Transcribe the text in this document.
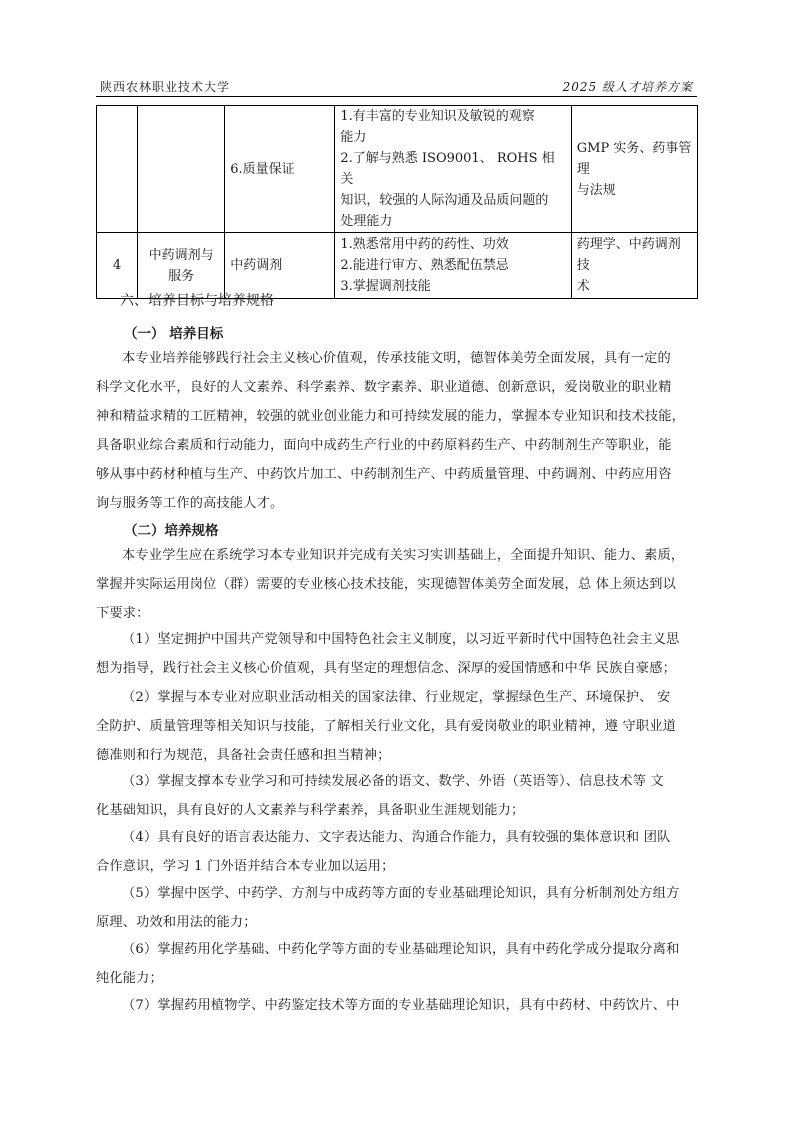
陕西农林职业技术大学	2025 级人才培养方案
		6.质量保证	1.有丰富的专业知识及敏锐的观察
能力
2.了解与熟悉 ISO9001、 ROHS 相关
知识，较强的人际沟通及品质问题的
处理能力	GMP 实务、药事管理
与法规

4	中药调剂与
服务	中药调剂	1.熟悉常用中药的药性、功效
2.能进行审方、熟悉配伍禁忌
3.掌握调剂技能	药理学、中药调剂技
术
六、培养目标与培养规格
（一） 培养目标
本专业培养能够践行社会主义核心价值观，传承技能文明，德智体美劳全面发展，具有一定的
科学文化水平，良好的人文素养、科学素养、数字素养、职业道德、创新意识，爱岗敬业的职业精
神和精益求精的工匠精神，较强的就业创业能力和可持续发展的能力，掌握本专业知识和技术技能，
具备职业综合素质和行动能力，面向中成药生产行业的中药原料药生产、中药制剂生产等职业，能
够从事中药材种植与生产、中药饮片加工、中药制剂生产、中药质量管理、中药调剂、中药应用咨
询与服务等工作的高技能人才。
（二）培养规格
本专业学生应在系统学习本专业知识并完成有关实习实训基础上，全面提升知识、能力、素质，
掌握并实际运用岗位（群）需要的专业核心技术技能，实现德智体美劳全面发展，总 体上须达到以
下要求：
（1）坚定拥护中国共产党领导和中国特色社会主义制度，以习近平新时代中国特色社会主义思
想为指导，践行社会主义核心价值观，具有坚定的理想信念、深厚的爱国情感和中华 民族自豪感；
（2）掌握与本专业对应职业活动相关的国家法律、行业规定，掌握绿色生产、环境保护、 安
全防护、质量管理等相关知识与技能，了解相关行业文化，具有爱岗敬业的职业精神，遵 守职业道
德准则和行为规范，具备社会责任感和担当精神；
（3）掌握支撑本专业学习和可持续发展必备的语文、数学、外语（英语等）、信息技术等 文
化基础知识，具有良好的人文素养与科学素养，具备职业生涯规划能力；
（4）具有良好的语言表达能力、文字表达能力、沟通合作能力，具有较强的集体意识和 团队
合作意识，学习 1 门外语并结合本专业加以运用；
（5）掌握中医学、中药学、方剂与中成药等方面的专业基础理论知识，具有分析制剂处方组方
原理、功效和用法的能力；
（6）掌握药用化学基础、中药化学等方面的专业基础理论知识，具有中药化学成分提取分离和
纯化能力；
（7）掌握药用植物学、中药鉴定技术等方面的专业基础理论知识，具有中药材、中药饮片、中
